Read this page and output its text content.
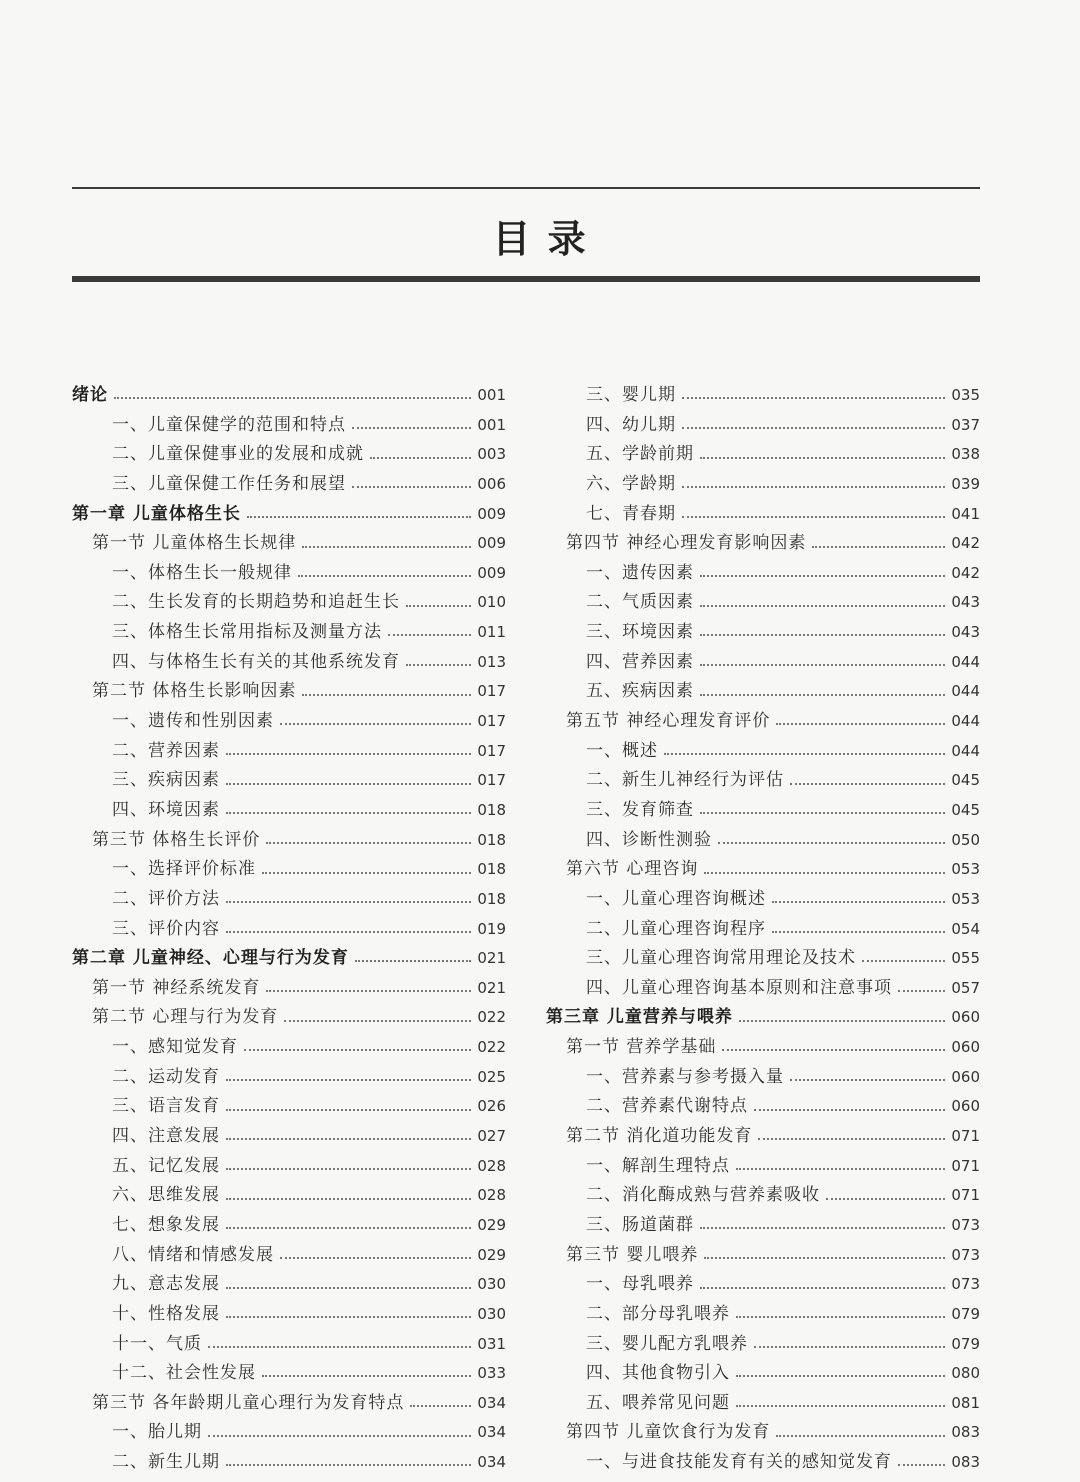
目 录
绪论	001
一、儿童保健学的范围和特点	001
二、儿童保健事业的发展和成就	003
三、儿童保健工作任务和展望	006
第一章 儿童体格生长	009
第一节 儿童体格生长规律	009
一、体格生长一般规律	009
二、生长发育的长期趋势和追赶生长	010
三、体格生长常用指标及测量方法	011
四、与体格生长有关的其他系统发育	013
第二节 体格生长影响因素	017
一、遗传和性别因素	017
二、营养因素	017
三、疾病因素	017
四、环境因素	018
第三节 体格生长评价	018
一、选择评价标准	018
二、评价方法	018
三、评价内容	019
第二章 儿童神经、心理与行为发育	021
第一节 神经系统发育	021
第二节 心理与行为发育	022
一、感知觉发育	022
二、运动发育	025
三、语言发育	026
四、注意发展	027
五、记忆发展	028
六、思维发展	028
七、想象发展	029
八、情绪和情感发展	029
九、意志发展	030
十、性格发展	030
十一、气质	031
十二、社会性发展	033
第三节 各年龄期儿童心理行为发育特点	034
一、胎儿期	034
二、新生儿期	034
三、婴儿期	035
四、幼儿期	037
五、学龄前期	038
六、学龄期	039
七、青春期	041
第四节 神经心理发育影响因素	042
一、遗传因素	042
二、气质因素	043
三、环境因素	043
四、营养因素	044
五、疾病因素	044
第五节 神经心理发育评价	044
一、概述	044
二、新生儿神经行为评估	045
三、发育筛查	045
四、诊断性测验	050
第六节 心理咨询	053
一、儿童心理咨询概述	053
二、儿童心理咨询程序	054
三、儿童心理咨询常用理论及技术	055
四、儿童心理咨询基本原则和注意事项	057
第三章 儿童营养与喂养	060
第一节 营养学基础	060
一、营养素与参考摄入量	060
二、营养素代谢特点	060
第二节 消化道功能发育	071
一、解剖生理特点	071
二、消化酶成熟与营养素吸收	071
三、肠道菌群	073
第三节 婴儿喂养	073
一、母乳喂养	073
二、部分母乳喂养	079
三、婴儿配方乳喂养	079
四、其他食物引入	080
五、喂养常见问题	081
第四节 儿童饮食行为发育	083
一、与进食技能发育有关的感知觉发育	083
